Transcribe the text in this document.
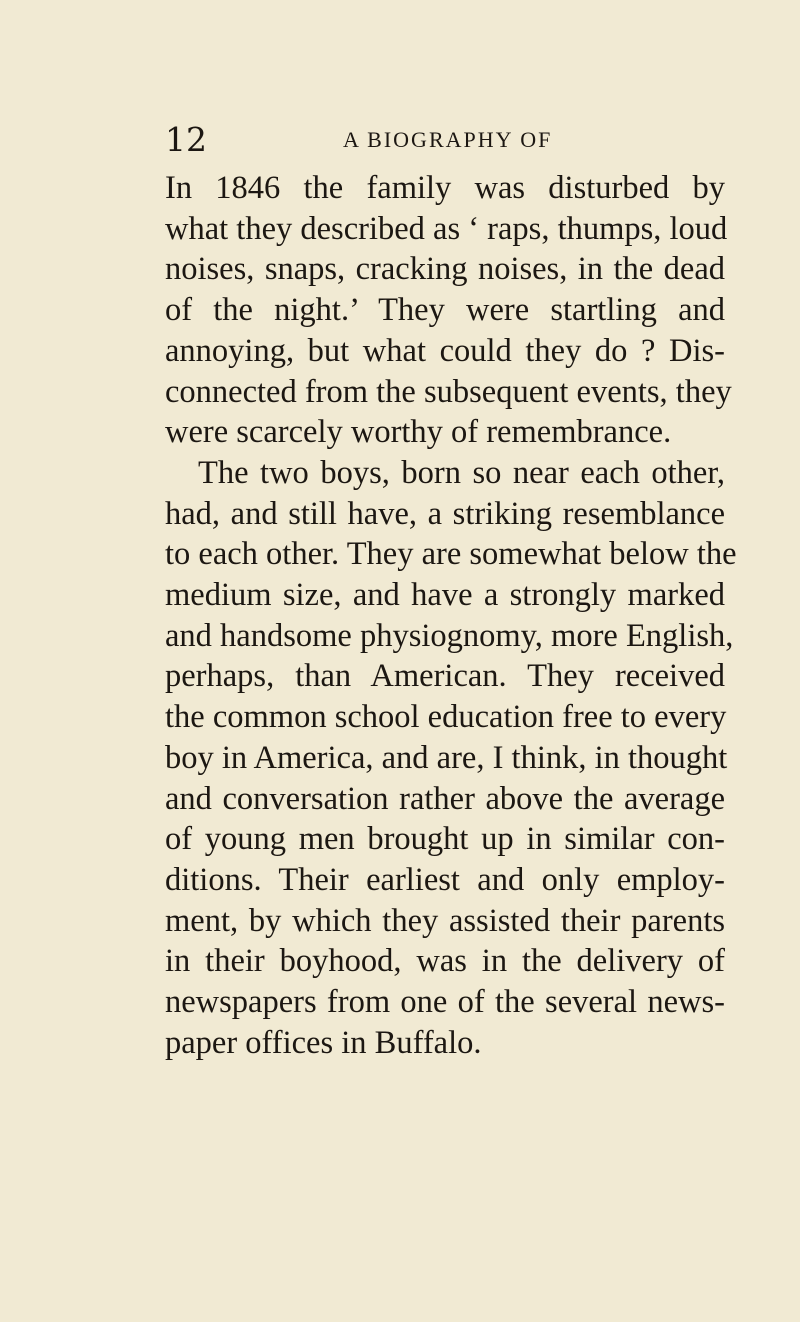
12	A BIOGRAPHY OF
In 1846 the family was disturbed by
what they described as ‘ raps, thumps, loud
noises, snaps, cracking noises, in the dead
of the night.’ They were startling and
annoying, but what could they do ? Dis-
connected from the subsequent events, they
were scarcely worthy of remembrance.
The two boys, born so near each other,
had, and still have, a striking resemblance
to each other. They are somewhat below the
medium size, and have a strongly marked
and handsome physiognomy, more English,
perhaps, than American. They received
the common school education free to every
boy in America, and are, I think, in thought
and conversation rather above the average
of young men brought up in similar con-
ditions. Their earliest and only employ-
ment, by which they assisted their parents
in their boyhood, was in the delivery of
newspapers from one of the several news-
paper offices in Buffalo.
